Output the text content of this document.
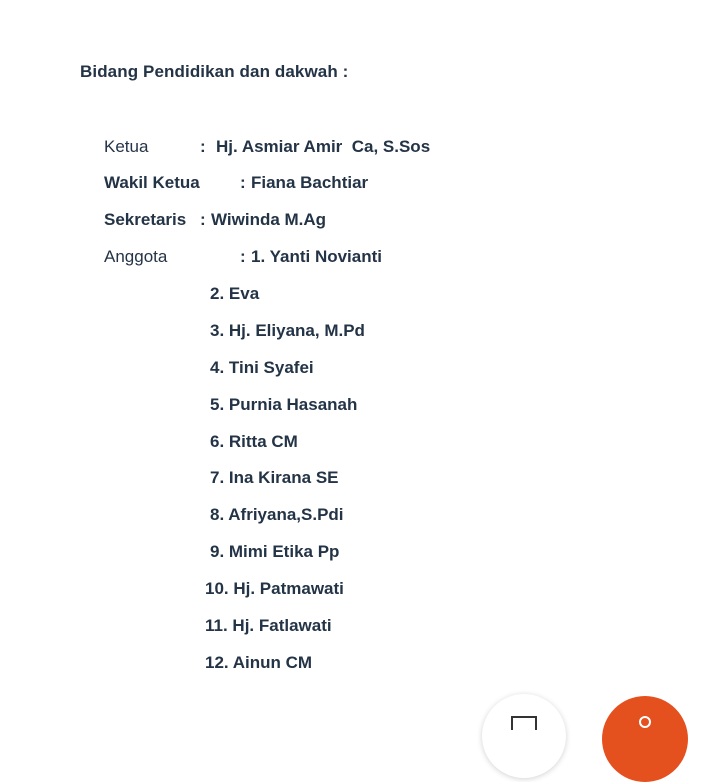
Bidang Pendidikan dan dakwah :
Ketua	: Hj. Asmiar Amir  Ca, S.Sos
Wakil Ketua : Fiana Bachtiar
Sekretaris : Wiwinda M.Ag
Anggota	: 1. Yanti Novianti
2. Eva
3. Hj. Eliyana, M.Pd
4. Tini Syafei
5. Purnia Hasanah
6. Ritta CM
7. Ina Kirana SE
8. Afriyana,S.Pdi
9. Mimi Etika Pp
10. Hj. Patmawati
11. Hj. Fatlawati
12. Ainun CM
